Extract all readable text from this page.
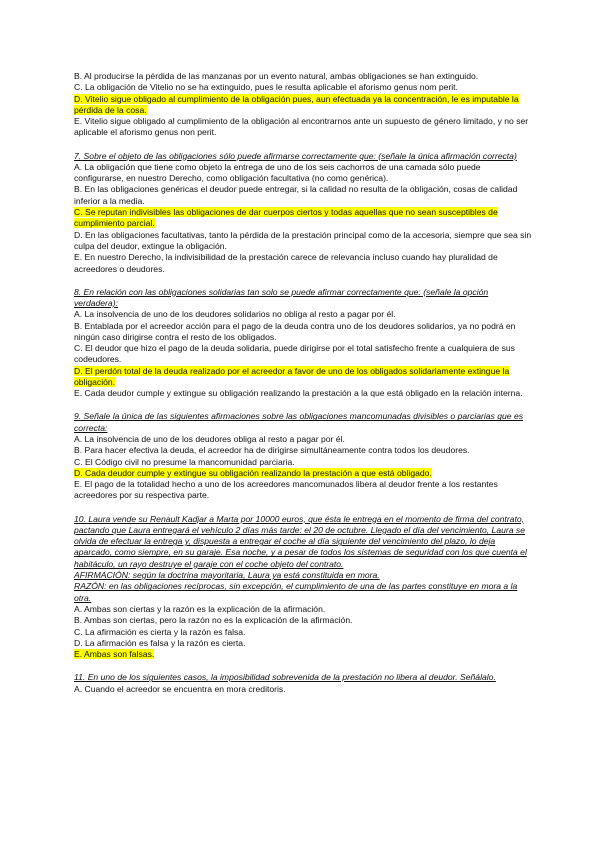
B. Al producirse la pérdida de las manzanas por un evento natural, ambas obligaciones se han extinguido.

C. La obligación de Vitelio no se ha extinguido, pues le resulta aplicable el aforismo genus nom perit.

D. Vitelio sigue obligado al cumplimiento de la obligación pues, aun efectuada ya la concentración, le es imputable la pérdida de la cosa.

E. Vitelio sigue obligado al cumplimiento de la obligación al encontrarnos ante un supuesto de género limitado, y no ser aplicable el aforismo genus non perit.

7. Sobre el objeto de las obligaciones sólo puede afirmarse correctamente que: (señale la única afirmación correcta)

A. La obligación que tiene como objeto la entrega de uno de los seis cachorros de una camada sólo puede configurarse, en nuestro Derecho, como obligación facultativa (no como genérica).

B. En las obligaciones genéricas el deudor puede entregar, si la calidad no resulta de la obligación, cosas de calidad inferior a la media.

C. Se reputan indivisibles las obligaciones de dar cuerpos ciertos y todas aquellas que no sean susceptibles de cumplimiento parcial.

D. En las obligaciones facultativas, tanto la pérdida de la prestación principal como de la accesoria, siempre que sea sin culpa del deudor, extingue la obligación.

E. En nuestro Derecho, la indivisibilidad de la prestación carece de relevancia incluso cuando hay pluralidad de acreedores o deudores.

8. En relación con las obligaciones solidarias tan solo se puede afirmar correctamente que: (señale la opción verdadera):

A. La insolvencia de uno de los deudores solidarios no obliga al resto a pagar por él.

B. Entablada por el acreedor acción para el pago de la deuda contra uno de los deudores solidarios, ya no podrá en ningún caso dirigirse contra el resto de los obligados.

C. El deudor que hizo el pago de la deuda solidaria, puede dirigirse por el total satisfecho frente a cualquiera de sus codeudores.

D. El perdón total de la deuda realizado por el acreedor a favor de uno de los obligados solidariamente extingue la obligación.

E. Cada deudor cumple y extingue su obligación realizando la prestación a la que está obligado en la relación interna.

9. Señale la única de las siguientes afirmaciones sobre las obligaciones mancomunadas divisibles o parciarias que es correcta:

A. La insolvencia de uno de los deudores obliga al resto a pagar por él.

B. Para hacer efectiva la deuda, el acreedor ha de dirigirse simultáneamente contra todos los deudores.

C. El Código civil no presume la mancomunidad parciaria.

D. Cada deudor cumple y extingue su obligación realizando la prestación a que está obligado.

E. El pago de la totalidad hecho a uno de los acreedores mancomunados libera al deudor frente a los restantes acreedores por su respectiva parte.

10. Laura vende su Renault Kadjar a Marta por 10000 euros, que ésta le entrega en el momento de firma del contrato, pactando que Laura entregará el vehículo 2 días más tarde: el 20 de octubre. Llegado el día del vencimiento, Laura se olvida de efectuar la entrega y, dispuesta a entregar el coche al día siguiente del vencimiento del plazo, lo deja aparcado, como siempre, en su garaje. Esa noche, y a pesar de todos los sistemas de seguridad con los que cuenta el habitáculo, un rayo destruye el garaje con el coche objeto del contrato.

AFIRMACIÓN: según la doctrina mayoritaria, Laura ya está constituida en mora.

RAZÓN: en las obligaciones recíprocas, sin excepción, el cumplimiento de una de las partes constituye en mora a la otra.

A. Ambas son ciertas y la razón es la explicación de la afirmación.

B. Ambas son ciertas, pero la razón no es la explicación de la afirmación.

C. La afirmación es cierta y la razón es falsa.

D. La afirmación es falsa y la razón es cierta.

E. Ambas son falsas.

11. En uno de los siguientes casos, la imposibilidad sobrevenida de la prestación no libera al deudor. Señálalo.

A. Cuando el acreedor se encuentra en mora creditoris.
